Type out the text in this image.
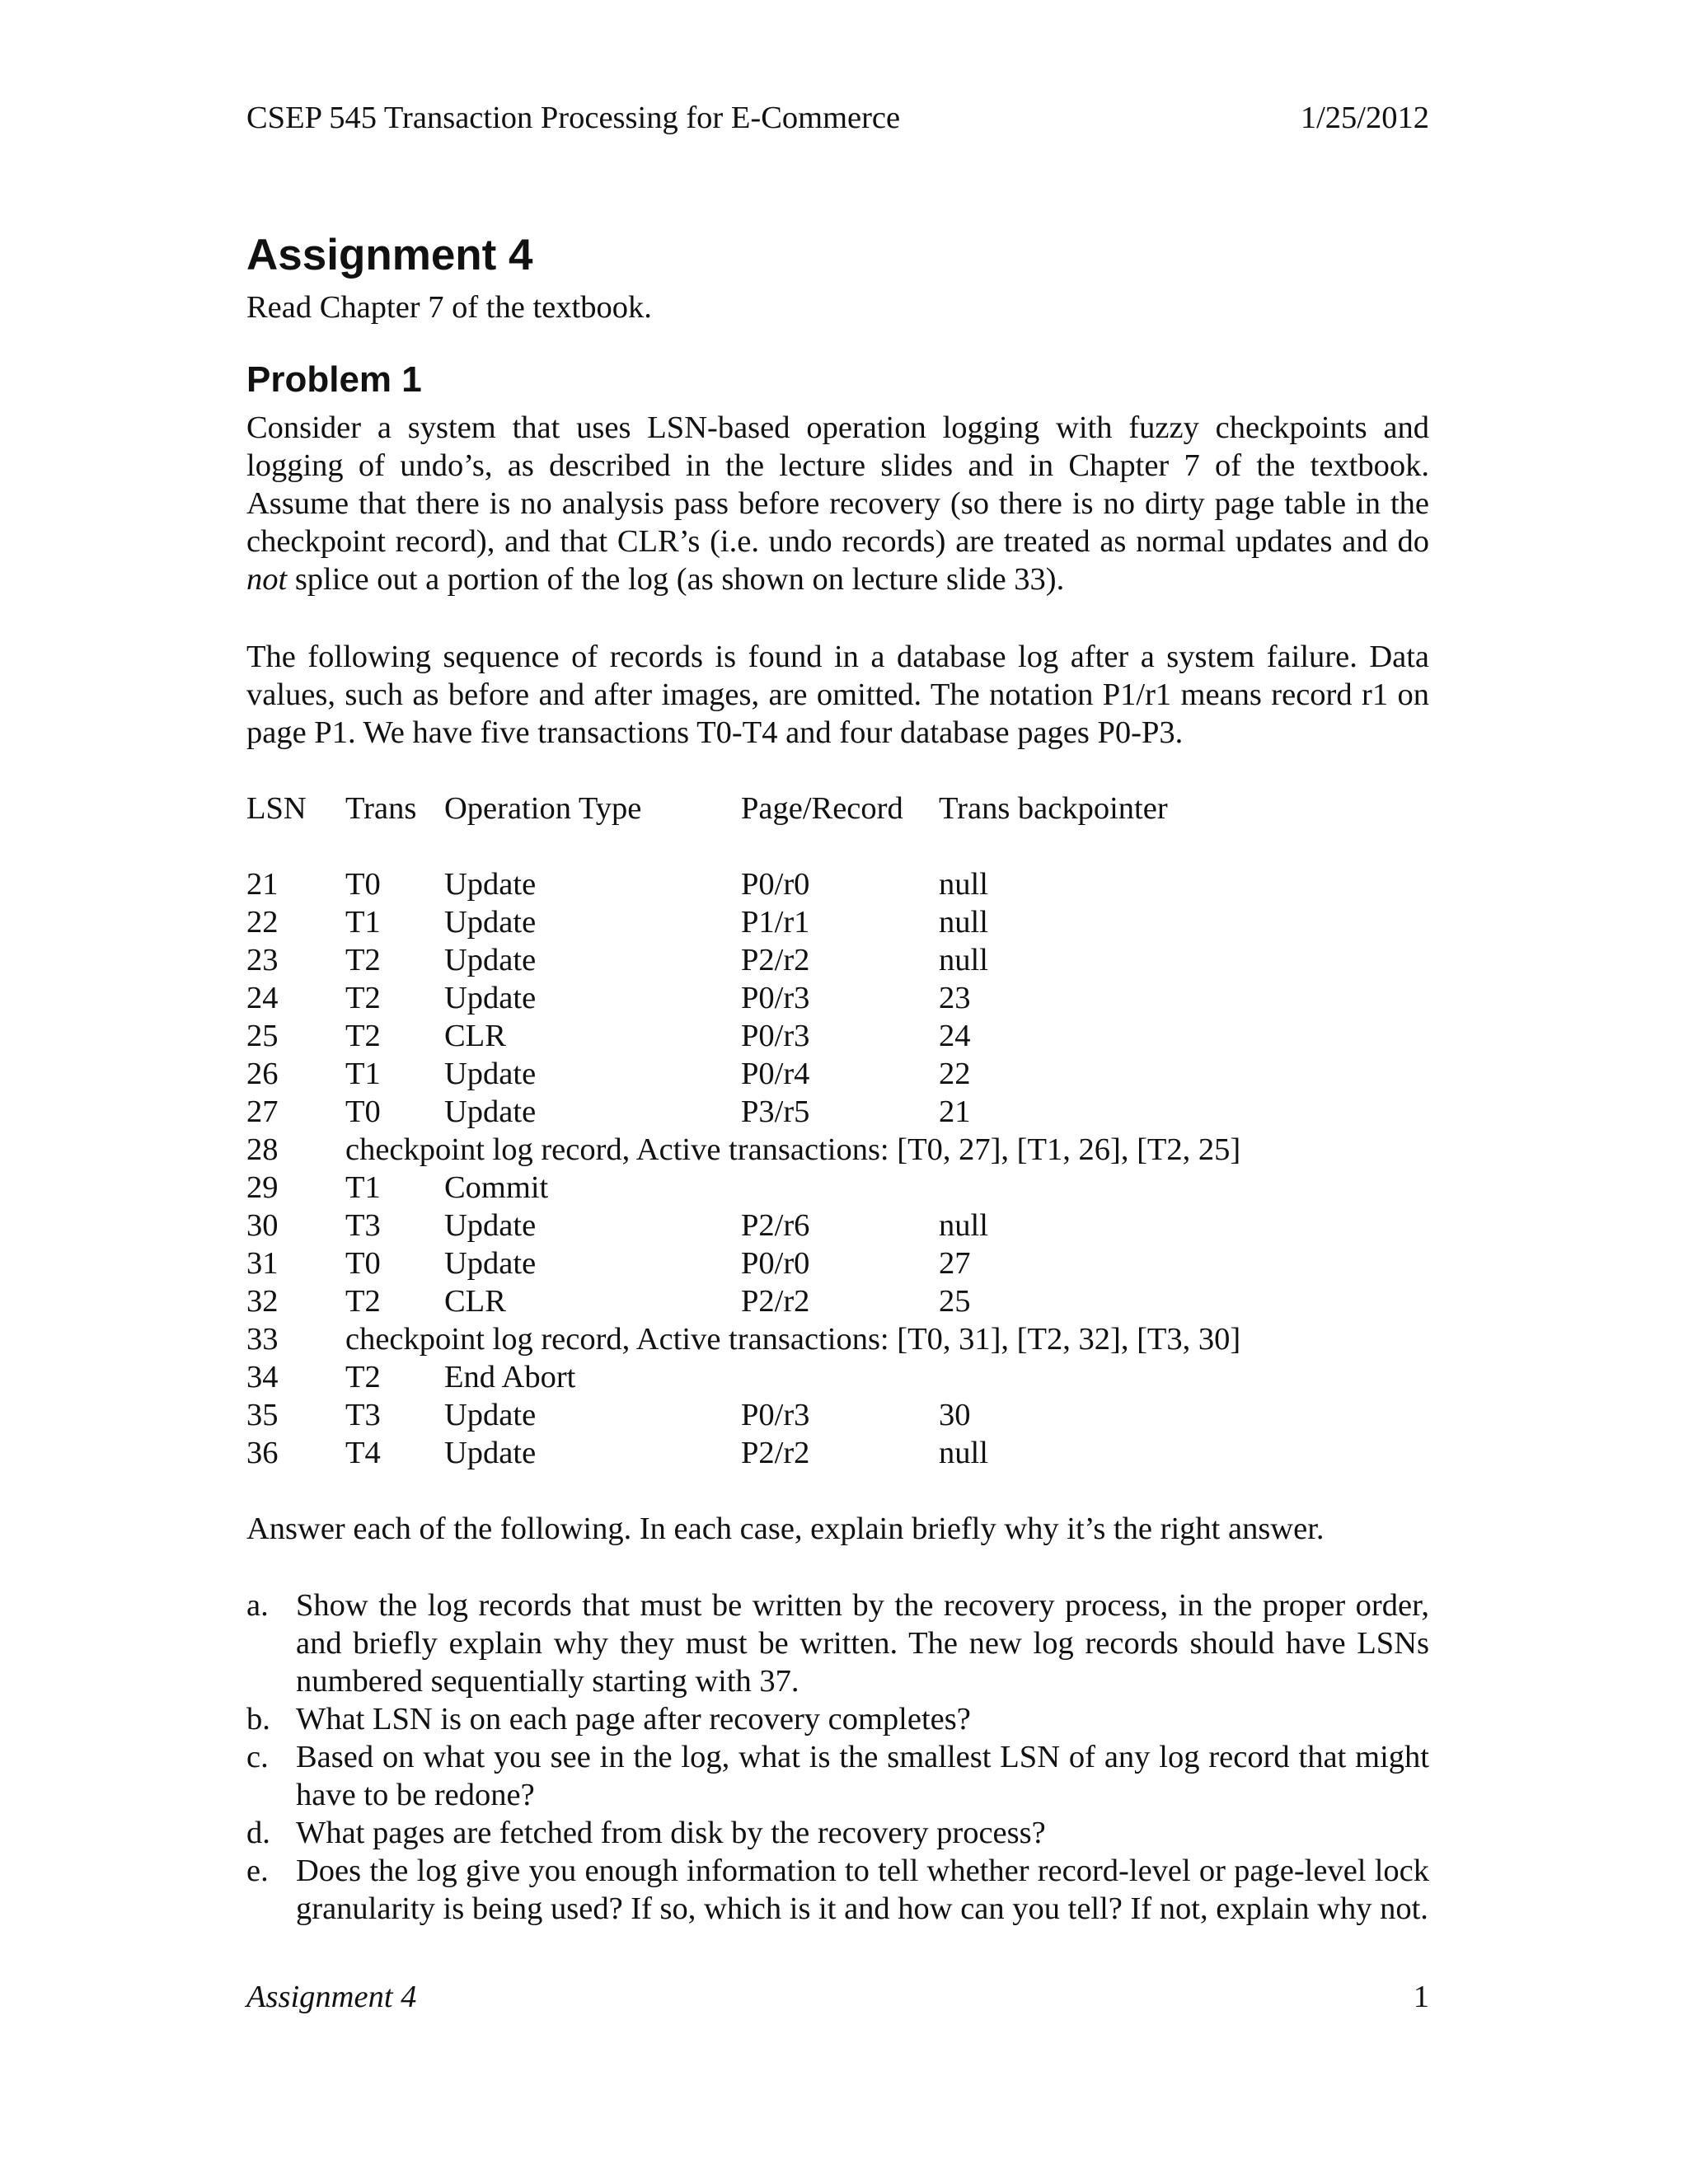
CSEP 545 Transaction Processing for E-Commerce	1/25/2012
Assignment 4
Read Chapter 7 of the textbook.
Problem 1
Consider a system that uses LSN-based operation logging with fuzzy checkpoints and logging of undo’s, as described in the lecture slides and in Chapter 7 of the textbook. Assume that there is no analysis pass before recovery (so there is no dirty page table in the checkpoint record), and that CLR’s (i.e. undo records) are treated as normal updates and do not splice out a portion of the log (as shown on lecture slide 33).
The following sequence of records is found in a database log after a system failure. Data values, such as before and after images, are omitted. The notation P1/r1 means record r1 on page P1. We have five transactions T0-T4 and four database pages P0-P3.
LSN Trans Operation Type	Page/Record Trans backpointer
21 T0 Update	P0/r0	null
22 T1 Update	P1/r1	null
23 T2 Update	P2/r2	null
24 T2 Update	P0/r3	23
25 T2 CLR	P0/r3	24
26 T1 Update	P0/r4	22
27 T0 Update	P3/r5	21
28 checkpoint log record, Active transactions: [T0, 27], [T1, 26], [T2, 25]
29 T1 Commit
30 T3 Update	P2/r6	null
31 T0 Update	P0/r0	27
32 T2 CLR	P2/r2	25
33 checkpoint log record, Active transactions: [T0, 31], [T2, 32], [T3, 30]
34 T2 End Abort
35 T3 Update	P0/r3	30
36 T4 Update	P2/r2	null
Answer each of the following. In each case, explain briefly why it’s the right answer.
a. Show the log records that must be written by the recovery process, in the proper order, and briefly explain why they must be written. The new log records should have LSNs numbered sequentially starting with 37.
b. What LSN is on each page after recovery completes?
c. Based on what you see in the log, what is the smallest LSN of any log record that might have to be redone?
d. What pages are fetched from disk by the recovery process?
e. Does the log give you enough information to tell whether record-level or page-level lock granularity is being used? If so, which is it and how can you tell? If not, explain why not.
Assignment 4	1
